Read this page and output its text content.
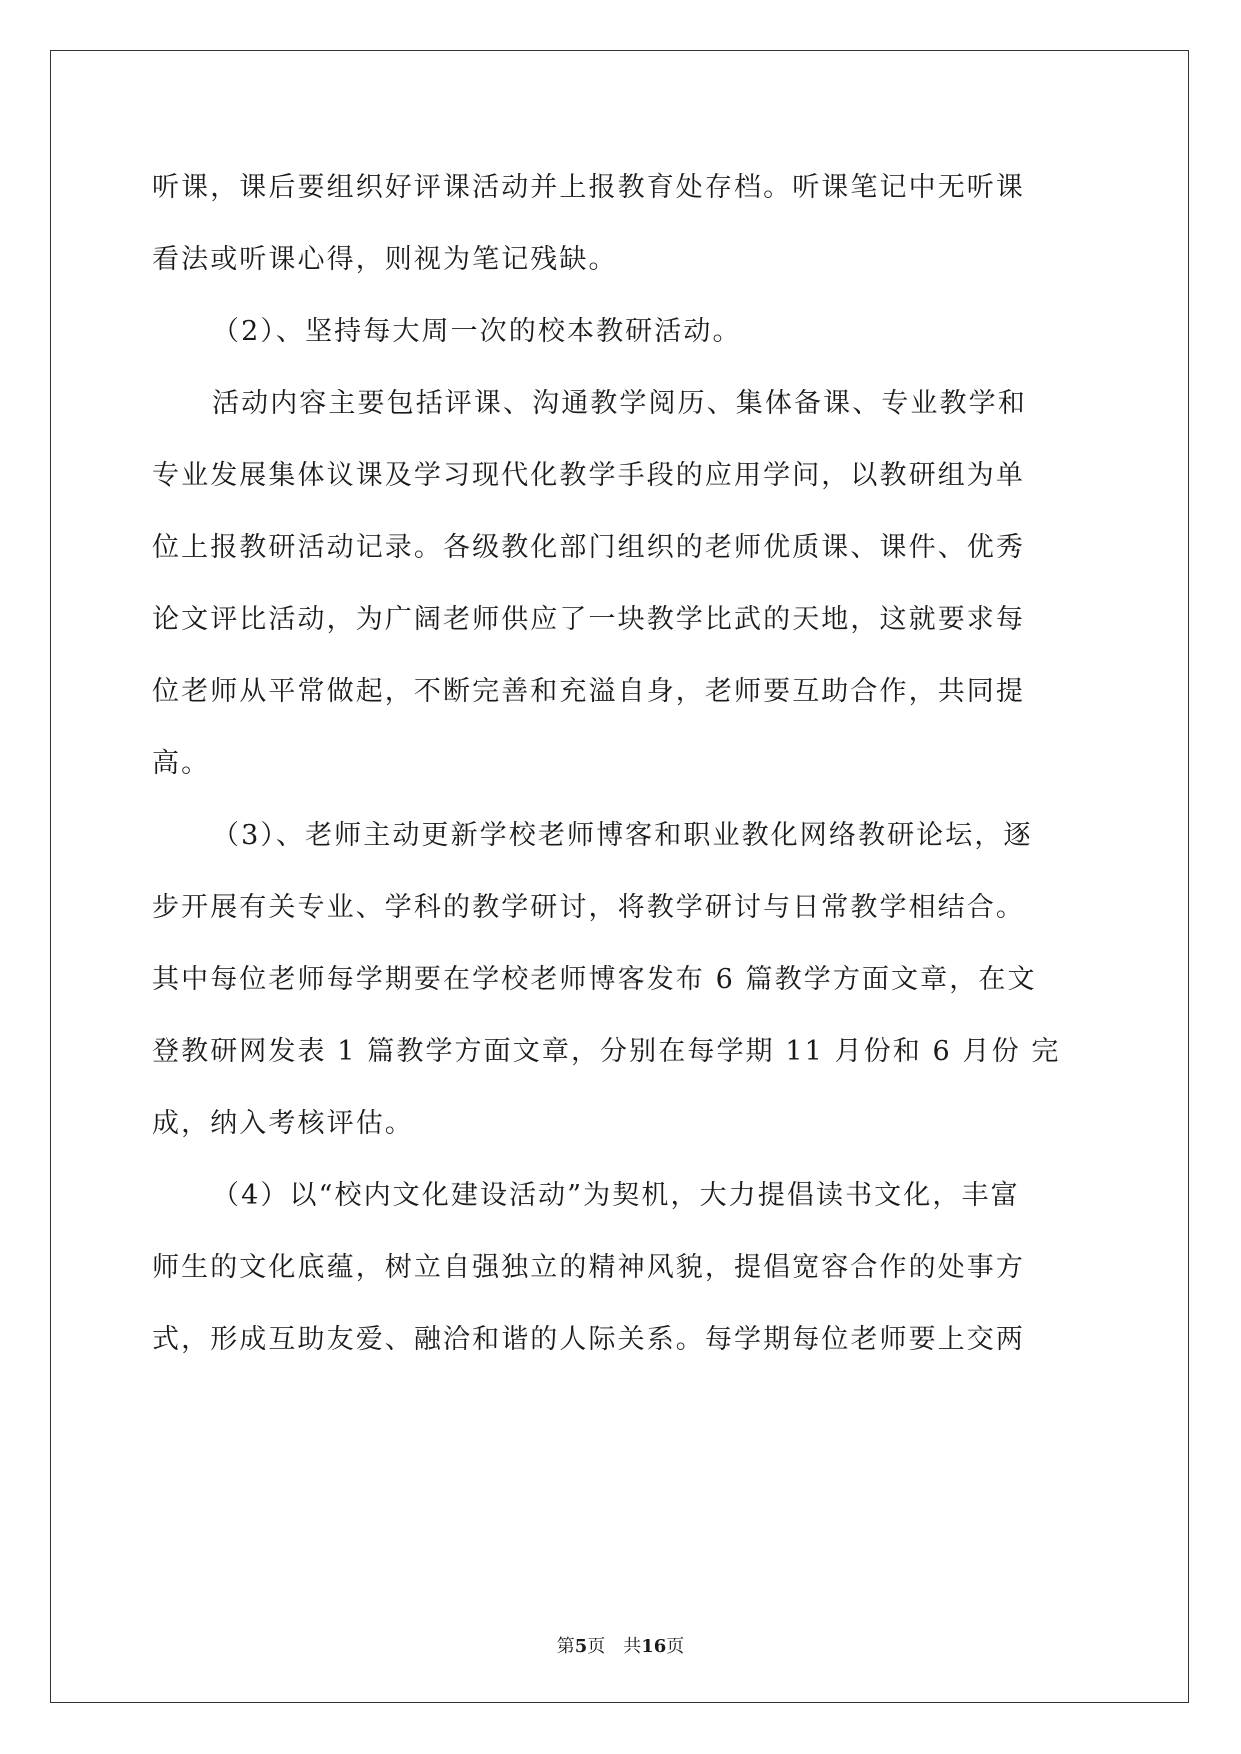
听课，课后要组织好评课活动并上报教育处存档。听课笔记中无听课
看法或听课心得，则视为笔记残缺。
（2）、坚持每大周一次的校本教研活动。
活动内容主要包括评课、沟通教学阅历、集体备课、专业教学和
专业发展集体议课及学习现代化教学手段的应用学问，以教研组为单
位上报教研活动记录。各级教化部门组织的老师优质课、课件、优秀
论文评比活动，为广阔老师供应了一块教学比武的天地，这就要求每
位老师从平常做起，不断完善和充溢自身，老师要互助合作，共同提
高。
（3）、老师主动更新学校老师博客和职业教化网络教研论坛，逐
步开展有关专业、学科的教学研讨，将教学研讨与日常教学相结合。
其中每位老师每学期要在学校老师博客发布 6 篇教学方面文章，在文
登教研网发表 1 篇教学方面文章，分别在每学期 11 月份和 6 月份 完
成，纳入考核评估。
（4）以“校内文化建设活动”为契机，大力提倡读书文化，丰富
师生的文化底蕴，树立自强独立的精神风貌，提倡宽容合作的处事方
式，形成互助友爱、融洽和谐的人际关系。每学期每位老师要上交两
第5页 共16页
